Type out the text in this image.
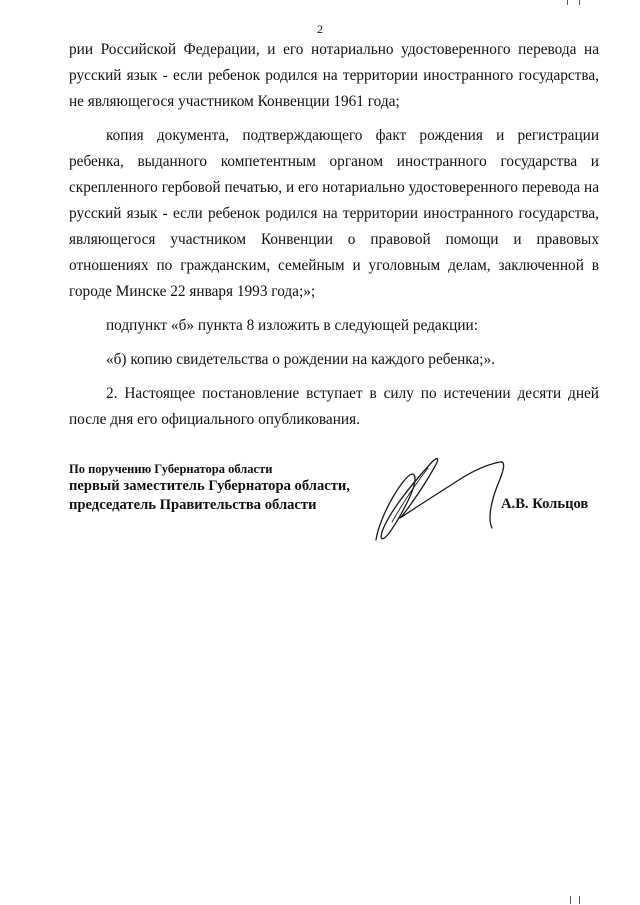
2

рии Российской Федерации, и его нотариально удостоверенного перевода на русский язык - если ребенок родился на территории иностранного государства, не являющегося участником Конвенции 1961 года;

копия документа, подтверждающего факт рождения и регистрации ребенка, выданного компетентным органом иностранного государства и скрепленного гербовой печатью, и его нотариально удостоверенного перевода на русский язык - если ребенок родился на территории иностранного государства, являющегося участником Конвенции о правовой помощи и правовых отношениях по гражданским, семейным и уголовным делам, заключенной в городе Минске 22 января 1993 года;»;

подпункт «б» пункта 8 изложить в следующей редакции:

«б) копию свидетельства о рождении на каждого ребенка;».

2. Настоящее постановление вступает в силу по истечении десяти дней после дня его официального опубликования.

По поручению Губернатора области
первый заместитель Губернатора области,
председатель Правительства области	А.В. Кольцов
